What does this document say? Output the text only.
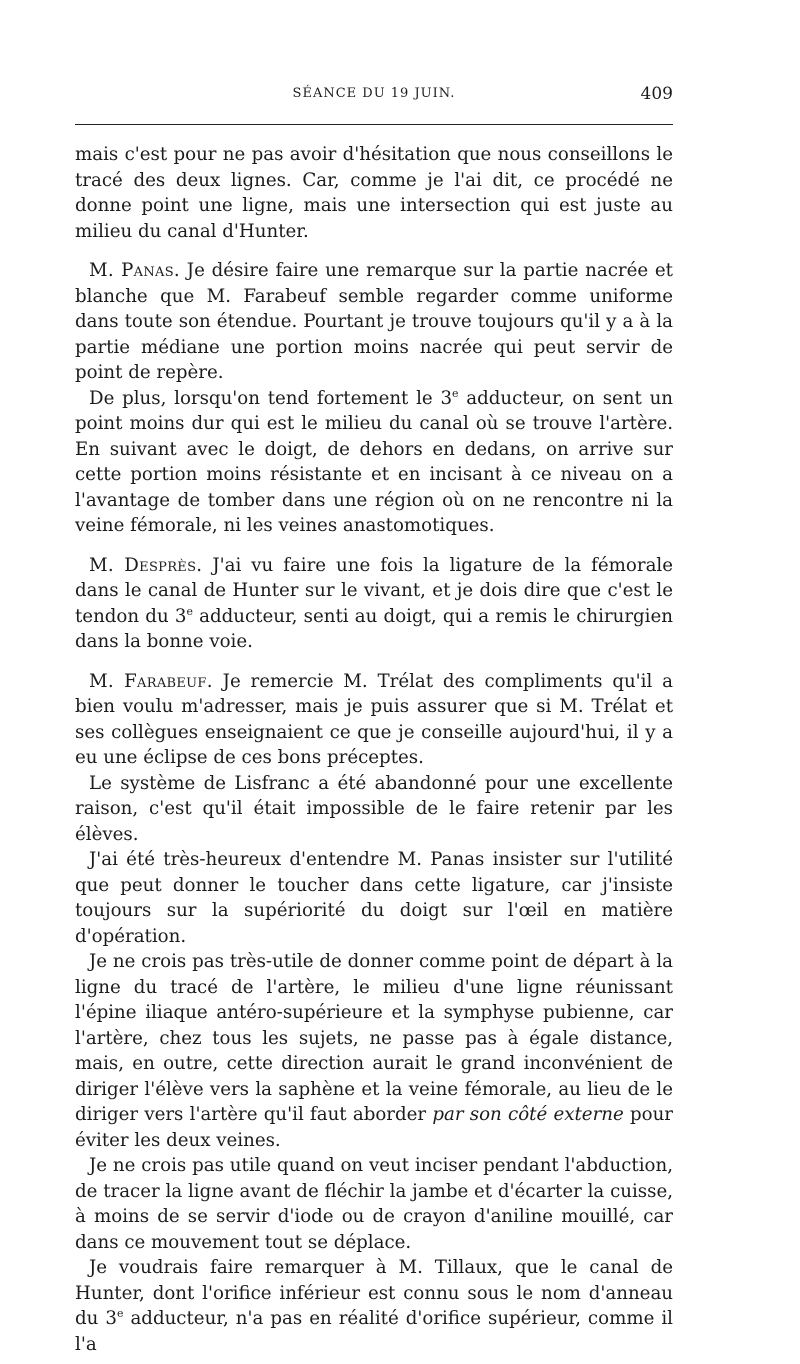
SÉANCE DU 19 JUIN.	409

mais c'est pour ne pas avoir d'hésitation que nous conseillons le tracé des deux lignes. Car, comme je l'ai dit, ce procédé ne donne point une ligne, mais une intersection qui est juste au milieu du canal d'Hunter.

M. Panas. Je désire faire une remarque sur la partie nacrée et blanche que M. Farabeuf semble regarder comme uniforme dans toute son étendue. Pourtant je trouve toujours qu'il y a à la partie médiane une portion moins nacrée qui peut servir de point de repère.

De plus, lorsqu'on tend fortement le 3e adducteur, on sent un point moins dur qui est le milieu du canal où se trouve l'artère. En suivant avec le doigt, de dehors en dedans, on arrive sur cette portion moins résistante et en incisant à ce niveau on a l'avantage de tomber dans une région où on ne rencontre ni la veine fémorale, ni les veines anastomotiques.

M. Desprès. J'ai vu faire une fois la ligature de la fémorale dans le canal de Hunter sur le vivant, et je dois dire que c'est le tendon du 3e adducteur, senti au doigt, qui a remis le chirurgien dans la bonne voie.

M. Farabeuf. Je remercie M. Trélat des compliments qu'il a bien voulu m'adresser, mais je puis assurer que si M. Trélat et ses collègues enseignaient ce que je conseille aujourd'hui, il y a eu une éclipse de ces bons préceptes.

Le système de Lisfranc a été abandonné pour une excellente raison, c'est qu'il était impossible de le faire retenir par les élèves.

J'ai été très-heureux d'entendre M. Panas insister sur l'utilité que peut donner le toucher dans cette ligature, car j'insiste toujours sur la supériorité du doigt sur l'œil en matière d'opération.

Je ne crois pas très-utile de donner comme point de départ à la ligne du tracé de l'artère, le milieu d'une ligne réunissant l'épine iliaque antéro-supérieure et la symphyse pubienne, car l'artère, chez tous les sujets, ne passe pas à égale distance, mais, en outre, cette direction aurait le grand inconvénient de diriger l'élève vers la saphène et la veine fémorale, au lieu de le diriger vers l'artère qu'il faut aborder par son côté externe pour éviter les deux veines.

Je ne crois pas utile quand on veut inciser pendant l'abduction, de tracer la ligne avant de fléchir la jambe et d'écarter la cuisse, à moins de se servir d'iode ou de crayon d'aniline mouillé, car dans ce mouvement tout se déplace.

Je voudrais faire remarquer à M. Tillaux, que le canal de Hunter, dont l'orifice inférieur est connu sous le nom d'anneau du 3e adducteur, n'a pas en réalité d'orifice supérieur, comme il l'a
